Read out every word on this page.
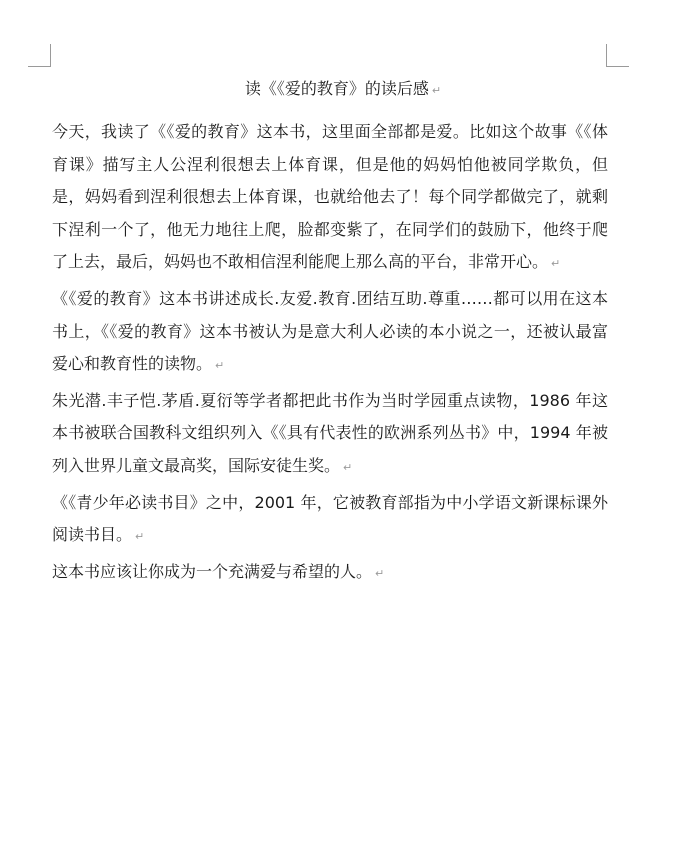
读《《爱的教育》的读后感 ↵

今天，我读了《《爱的教育》这本书，这里面全部都是爱。比如这个故事《《体育课》描写主人公涅利很想去上体育课，但是他的妈妈怕他被同学欺负，但是，妈妈看到涅利很想去上体育课，也就给他去了！每个同学都做完了，就剩下涅利一个了，他无力地往上爬，脸都变紫了，在同学们的鼓励下，他终于爬了上去，最后，妈妈也不敢相信涅利能爬上那么高的平台，非常开心。 ↵

《《爱的教育》这本书讲述成长.友爱.教育.团结互助.尊重……都可以用在这本书上，《《爱的教育》这本书被认为是意大利人必读的本小说之一，还被认最富爱心和教育性的读物。 ↵

朱光潜.丰子恺.茅盾.夏衍等学者都把此书作为当时学园重点读物，1986 年这本书被联合国教科文组织列入《《具有代表性的欧洲系列丛书》中，1994 年被列入世界儿童文最高奖，国际安徒生奖。 ↵

《《青少年必读书目》之中，2001 年，它被教育部指为中小学语文新课标课外阅读书目。 ↵

这本书应该让你成为一个充满爱与希望的人。 ↵
